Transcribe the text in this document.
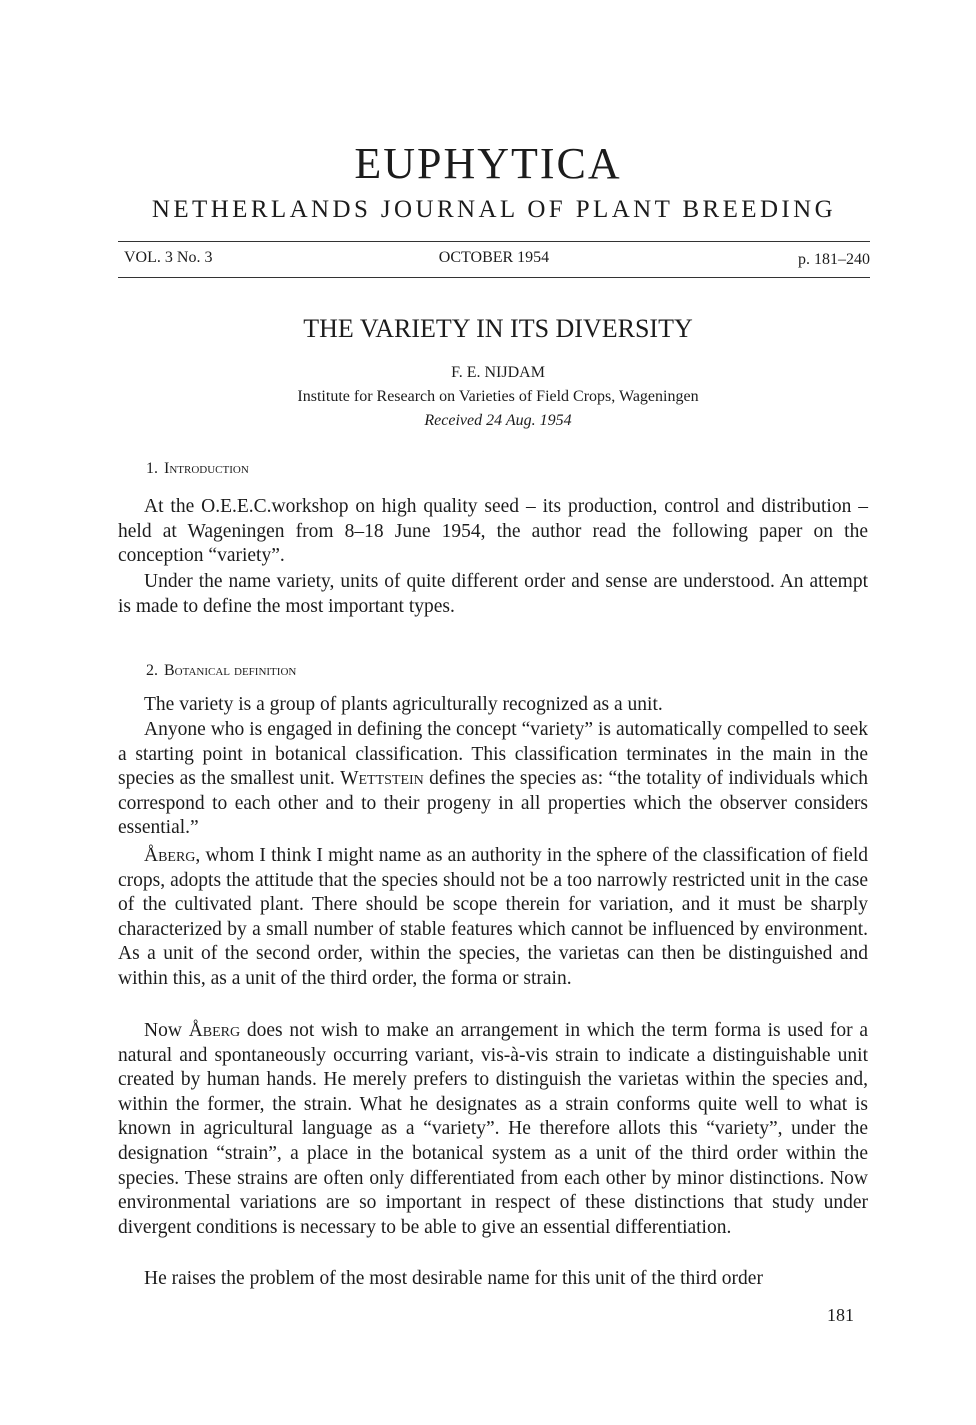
EUPHYTICA
NETHERLANDS JOURNAL OF PLANT BREEDING
VOL. 3 No. 3	OCTOBER 1954	p. 181–240
THE VARIETY IN ITS DIVERSITY
F. E. NIJDAM
Institute for Research on Varieties of Field Crops, Wageningen
Received 24 Aug. 1954
1. Introduction

At the O.E.E.C.workshop on high quality seed – its production, control and distribution – held at Wageningen from 8–18 June 1954, the author read the following paper on the conception “variety”.

Under the name variety, units of quite different order and sense are understood. An attempt is made to define the most important types.

2. Botanical definition

The variety is a group of plants agriculturally recognized as a unit.

Anyone who is engaged in defining the concept “variety” is automatically compelled to seek a starting point in botanical classification. This classification terminates in the main in the species as the smallest unit. Wettstein defines the species as: “the totality of individuals which correspond to each other and to their progeny in all properties which the observer considers essential.”

Åberg, whom I think I might name as an authority in the sphere of the classification of field crops, adopts the attitude that the species should not be a too narrowly restricted unit in the case of the cultivated plant. There should be scope therein for variation, and it must be sharply characterized by a small number of stable features which cannot be influenced by environment. As a unit of the second order, within the species, the varietas can then be distinguished and within this, as a unit of the third order, the forma or strain.

Now Åberg does not wish to make an arrangement in which the term forma is used for a natural and spontaneously occurring variant, vis-à-vis strain to indicate a distinguishable unit created by human hands. He merely prefers to distinguish the varietas within the species and, within the former, the strain. What he designates as a strain conforms quite well to what is known in agricultural language as a “variety”. He therefore allots this “variety”, under the designation “strain”, a place in the botanical system as a unit of the third order within the species. These strains are often only differentiated from each other by minor distinctions. Now environmental variations are so important in respect of these distinctions that study under divergent conditions is necessary to be able to give an essential differentiation.

He raises the problem of the most desirable name for this unit of the third order

181
